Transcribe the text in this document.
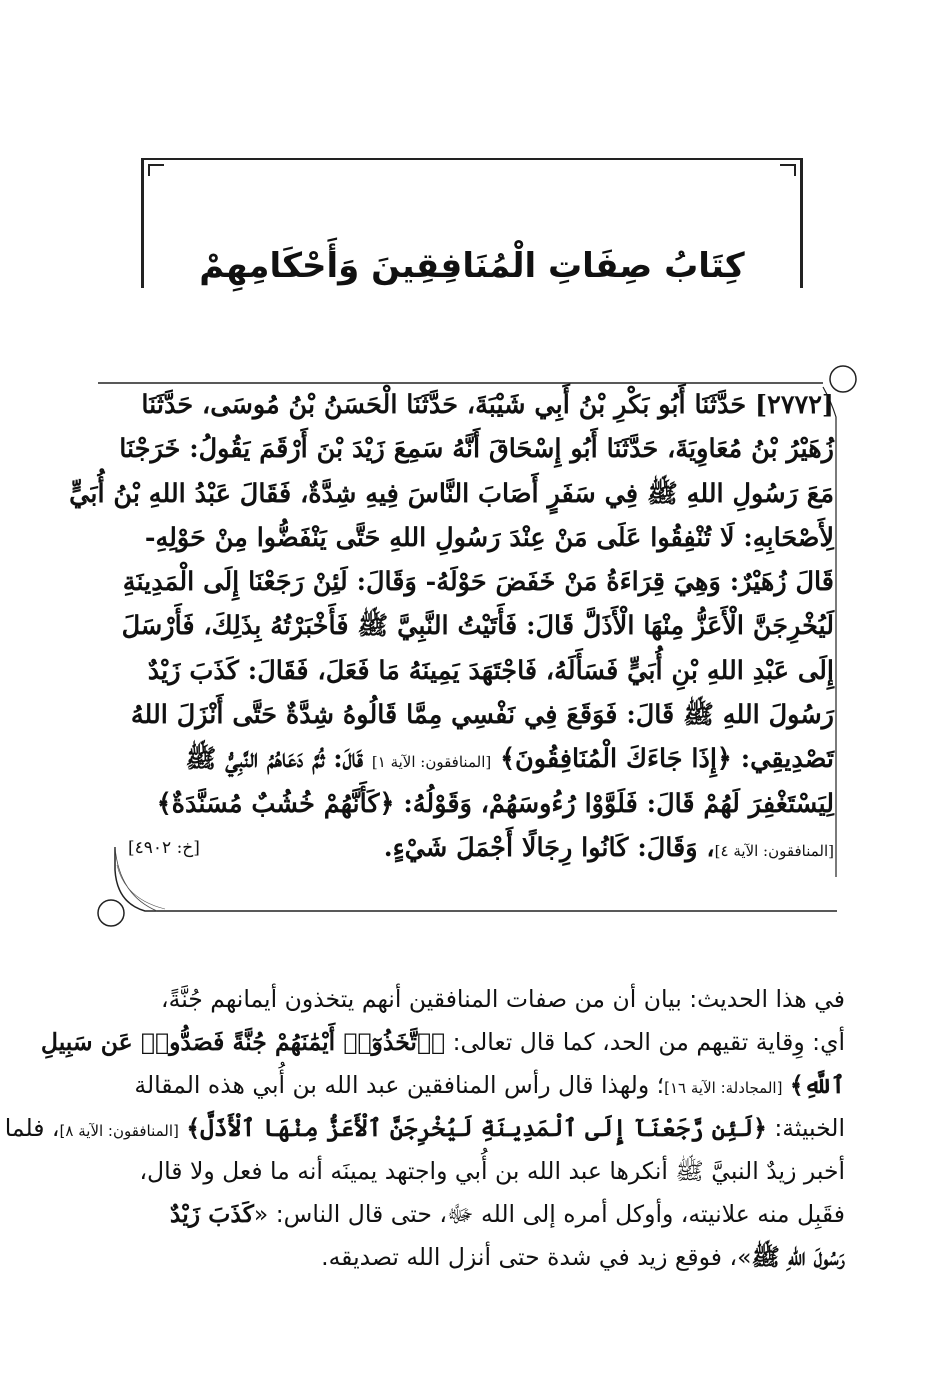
كِتَابُ صِفَاتِ الْمُنَافِقِينَ وَأَحْكَامِهِمْ
[٢٧٧٢] حَدَّثَنَا أَبُو بَكْرِ بْنُ أَبِي شَيْبَةَ، حَدَّثَنَا الْحَسَنُ بْنُ مُوسَى، حَدَّثَنَا
زُهَيْرُ بْنُ مُعَاوِيَةَ، حَدَّثَنَا أَبُو إِسْحَاقَ أَنَّهُ سَمِعَ زَيْدَ بْنَ أَرْقَمَ يَقُولُ: خَرَجْنَا
مَعَ رَسُولِ اللهِ ﷺ فِي سَفَرٍ أَصَابَ النَّاسَ فِيهِ شِدَّةٌ، فَقَالَ عَبْدُ اللهِ بْنُ أُبَيٍّ
لِأَصْحَابِهِ: لَا تُنْفِقُوا عَلَى مَنْ عِنْدَ رَسُولِ اللهِ حَتَّى يَنْفَضُّوا مِنْ حَوْلِهِ-
قَالَ زُهَيْرٌ: وَهِيَ قِرَاءَةُ مَنْ خَفَضَ حَوْلَهُ- وَقَالَ: لَئِنْ رَجَعْنَا إِلَى الْمَدِينَةِ
لَيُخْرِجَنَّ الْأَعَزُّ مِنْهَا الْأَذَلَّ قَالَ: فَأَتَيْتُ النَّبِيَّ ﷺ فَأَخْبَرْتُهُ بِذَلِكَ، فَأَرْسَلَ
إِلَى عَبْدِ اللهِ بْنِ أُبَيٍّ فَسَأَلَهُ، فَاجْتَهَدَ يَمِينَهُ مَا فَعَلَ، فَقَالَ: كَذَبَ زَيْدٌ
رَسُولَ اللهِ ﷺ قَالَ: فَوَقَعَ فِي نَفْسِي مِمَّا قَالُوهُ شِدَّةٌ حَتَّى أَنْزَلَ اللهُ
تَصْدِيقِي: ﴿إِذَا جَاءَكَ الْمُنَافِقُونَ﴾ [المنافقون: الآية ١] قَالَ: ثُمَّ دَعَاهُمُ النَّبِيُّ ﷺ
لِيَسْتَغْفِرَ لَهُمْ قَالَ: فَلَوَّوْا رُءُوسَهُمْ، وَقَوْلُهُ: ﴿كَأَنَّهُمْ خُشُبٌ مُسَنَّدَةٌ﴾
[المنافقون: الآية ٤]، وَقَالَ: كَانُوا رِجَالًا أَجْمَلَ شَيْءٍ.
[خ: ٤٩٠٢]
في هذا الحديث: بيان أن من صفات المنافقين أنهم يتخذون أيمانهم جُنَّةً،
أي: وِقاية تقيهم من الحد، كما قال تعالى: ﴿ٱتَّخَذُوٓا۟ أَيْمَٰنَهُمْ جُنَّةً فَصَدُّوا۟ عَن سَبِيلِ
ٱللَّهِ﴾ [المجادلة: الآية ١٦]؛ ولهذا قال رأس المنافقين عبد الله بن أُبي هذه المقالة
الخبيثة: ﴿لَئِن رَّجَعْنَآ إِلَى ٱلْمَدِينَةِ لَيُخْرِجَنَّ ٱلْأَعَزُّ مِنْهَا ٱلْأَذَلَّ﴾ [المنافقون: الآية ٨]، فلما
أخبر زيدٌ النبيَّ ﷺ أنكرها عبد الله بن أُبي واجتهد يمينَه أنه ما فعل ولا قال،
فقَبِل منه علانيته، وأوكل أمره إلى الله ﷻ، حتى قال الناس: «كَذَبَ زَيْدٌ
رَسُولَ اللهِ ﷺ»، فوقع زيد في شدة حتى أنزل الله تصديقه.
